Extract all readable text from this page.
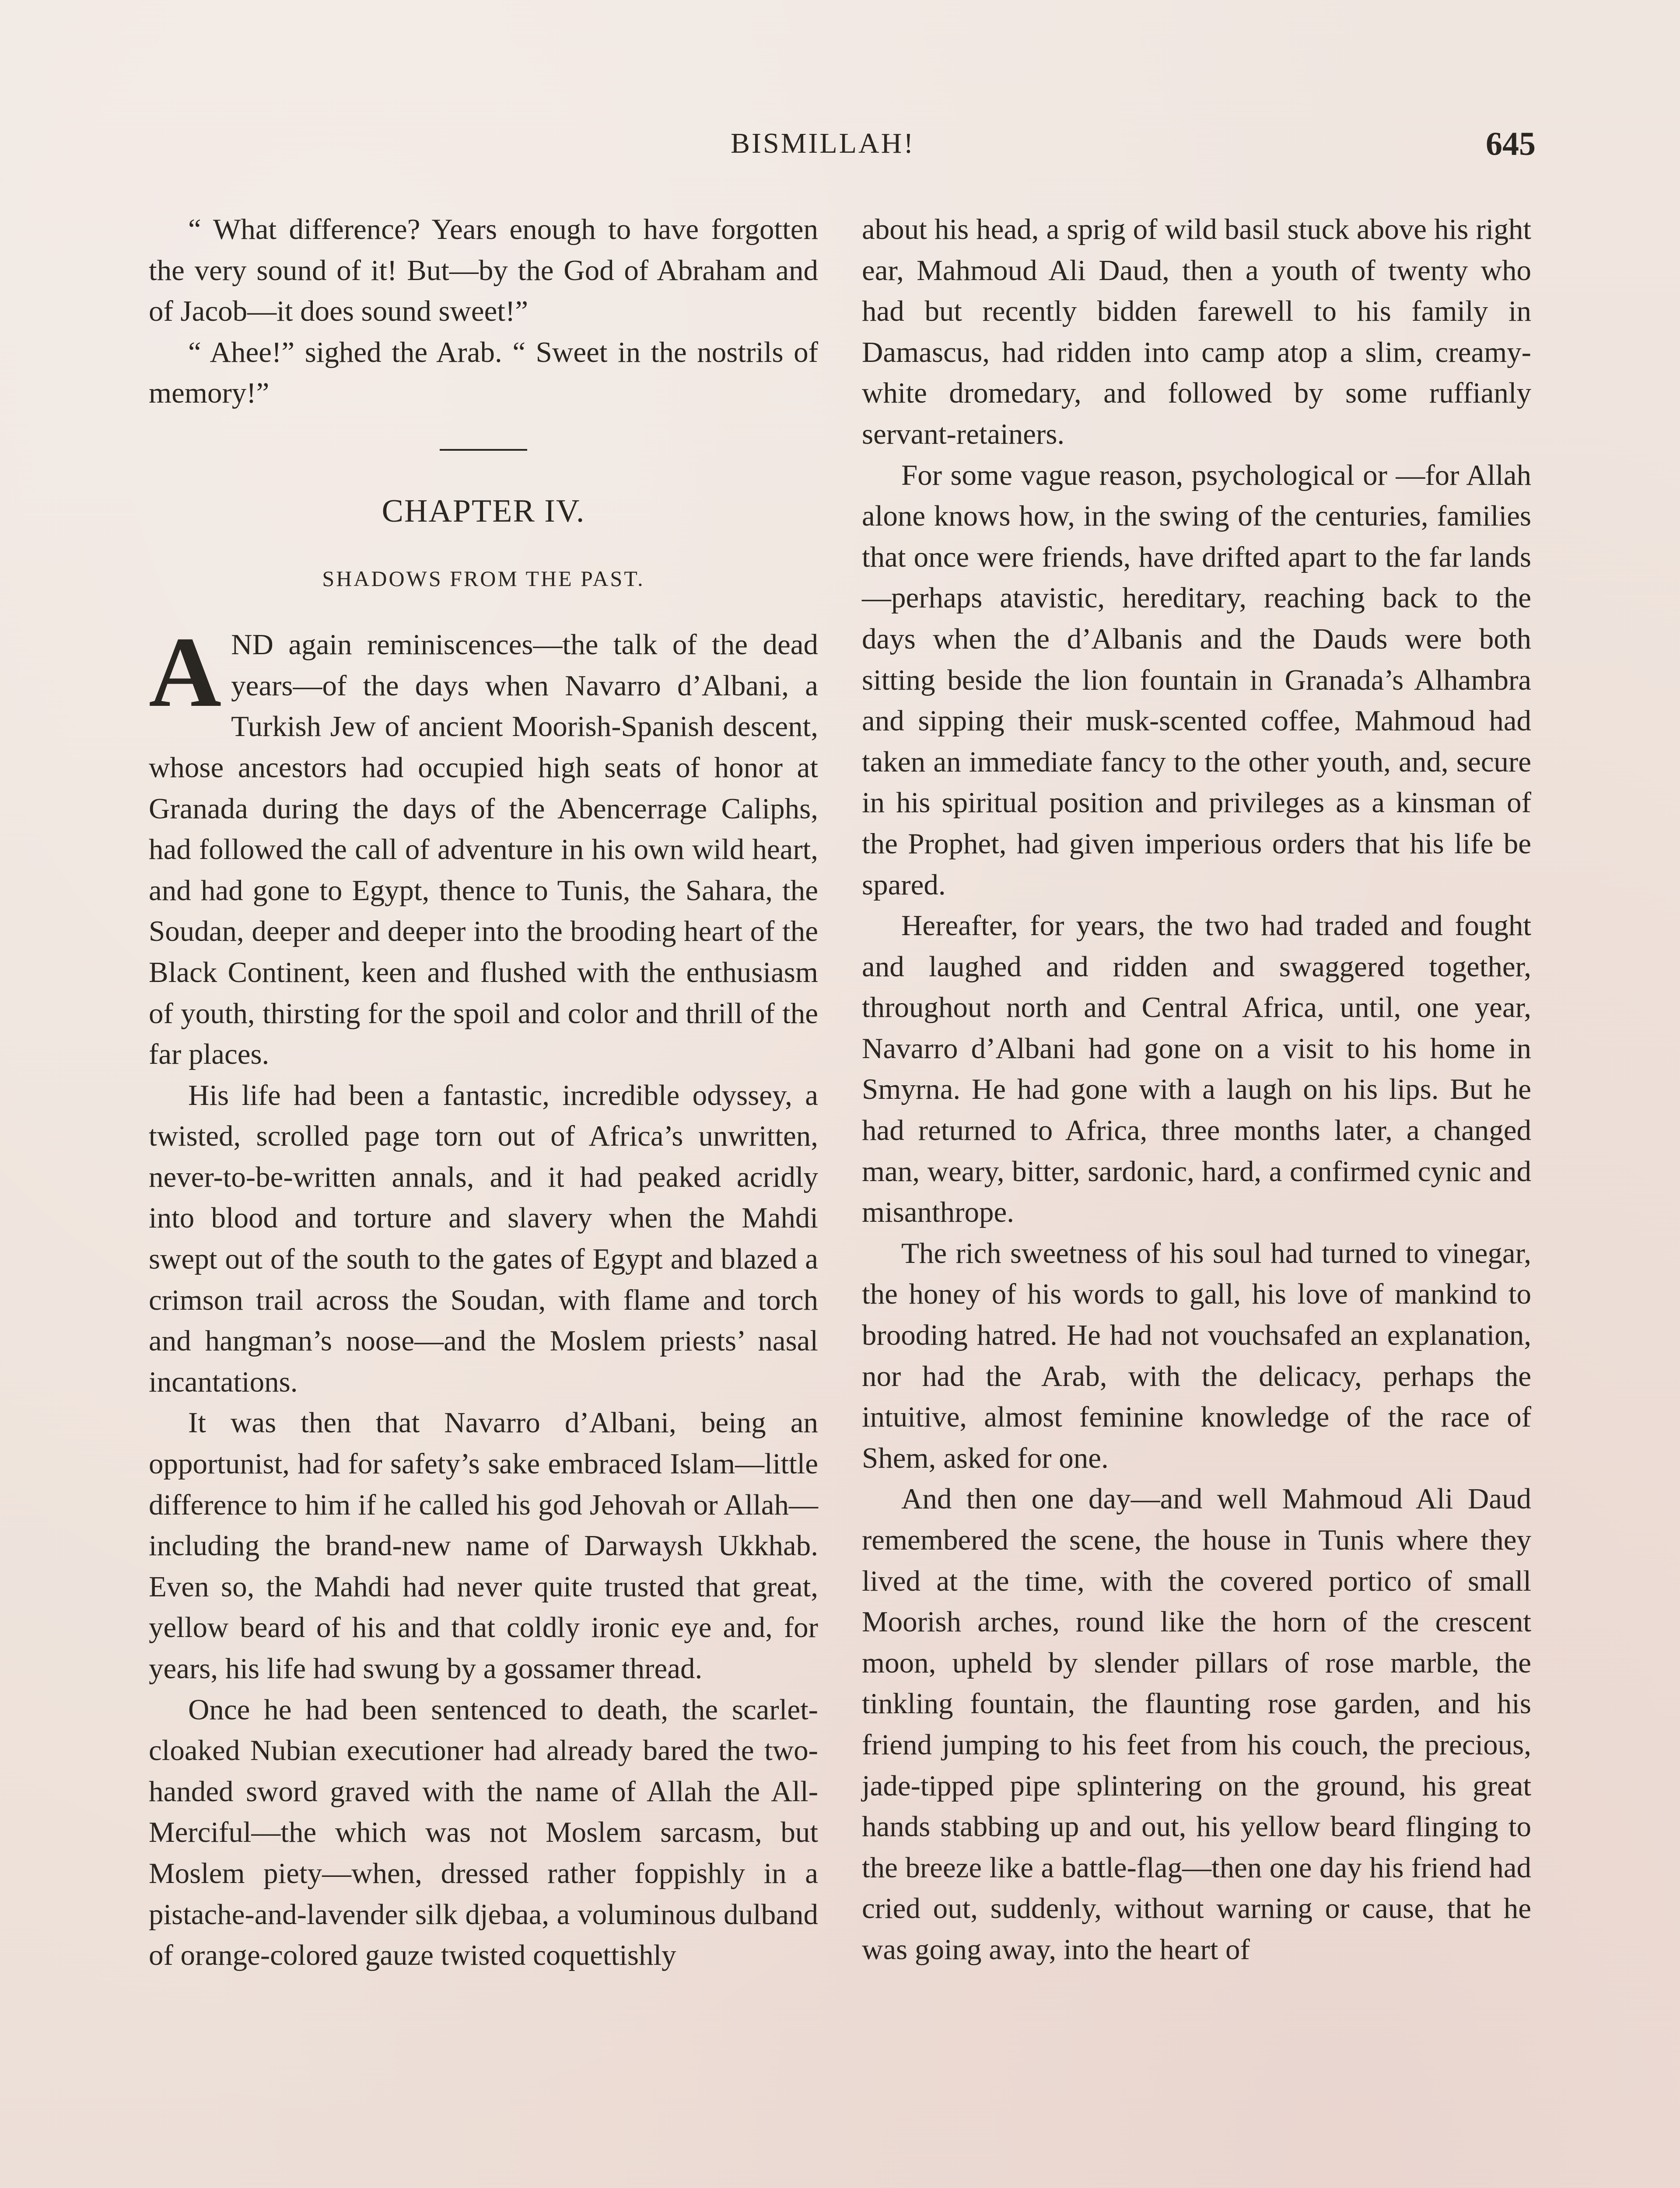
BISMILLAH!	645

“ What difference? Years enough to have forgotten the very sound of it! But—by the God of Abraham and of Jacob—it does sound sweet!”

“ Ahee!” sighed the Arab. “ Sweet in the nostrils of memory!”

CHAPTER IV.
SHADOWS FROM THE PAST.

AND again reminiscences—the talk of the dead years—of the days when Navarro d’Albani, a Turkish Jew of ancient Moorish-Spanish descent, whose ancestors had occupied high seats of honor at Granada during the days of the Abencerrage Caliphs, had followed the call of adventure in his own wild heart, and had gone to Egypt, thence to Tunis, the Sahara, the Soudan, deeper and deeper into the brooding heart of the Black Continent, keen and flushed with the enthusiasm of youth, thirsting for the spoil and color and thrill of the far places.

His life had been a fantastic, incredible odyssey, a twisted, scrolled page torn out of Africa’s unwritten, never-to-be-written annals, and it had peaked acridly into blood and torture and slavery when the Mahdi swept out of the south to the gates of Egypt and blazed a crimson trail across the Soudan, with flame and torch and hangman’s noose—and the Moslem priests’ nasal incantations.

It was then that Navarro d’Albani, being an opportunist, had for safety’s sake embraced Islam—little difference to him if he called his god Jehovah or Allah—including the brand-new name of Darwaysh Ukkhab. Even so, the Mahdi had never quite trusted that great, yellow beard of his and that coldly ironic eye and, for years, his life had swung by a gossamer thread.

Once he had been sentenced to death, the scarlet-cloaked Nubian executioner had already bared the two-handed sword graved with the name of Allah the All-Merciful—the which was not Moslem sarcasm, but Moslem piety—when, dressed rather foppishly in a pistache-and-lavender silk djebaa, a voluminous dulband of orange-colored gauze twisted coquettishly

about his head, a sprig of wild basil stuck above his right ear, Mahmoud Ali Daud, then a youth of twenty who had but recently bidden farewell to his family in Damascus, had ridden into camp atop a slim, creamy-white dromedary, and followed by some ruffianly servant-retainers.

For some vague reason, psychological or —for Allah alone knows how, in the swing of the centuries, families that once were friends, have drifted apart to the far lands —perhaps atavistic, hereditary, reaching back to the days when the d’Albanis and the Dauds were both sitting beside the lion fountain in Granada’s Alhambra and sipping their musk-scented coffee, Mahmoud had taken an immediate fancy to the other youth, and, secure in his spiritual position and privileges as a kinsman of the Prophet, had given imperious orders that his life be spared.

Hereafter, for years, the two had traded and fought and laughed and ridden and swaggered together, throughout north and Central Africa, until, one year, Navarro d’Albani had gone on a visit to his home in Smyrna. He had gone with a laugh on his lips. But he had returned to Africa, three months later, a changed man, weary, bitter, sardonic, hard, a confirmed cynic and misanthrope.

The rich sweetness of his soul had turned to vinegar, the honey of his words to gall, his love of mankind to brooding hatred. He had not vouchsafed an explanation, nor had the Arab, with the delicacy, perhaps the intuitive, almost feminine knowledge of the race of Shem, asked for one.

And then one day—and well Mahmoud Ali Daud remembered the scene, the house in Tunis where they lived at the time, with the covered portico of small Moorish arches, round like the horn of the crescent moon, upheld by slender pillars of rose marble, the tinkling fountain, the flaunting rose garden, and his friend jumping to his feet from his couch, the precious, jade-tipped pipe splintering on the ground, his great hands stabbing up and out, his yellow beard flinging to the breeze like a battle-flag—then one day his friend had cried out, suddenly, without warning or cause, that he was going away, into the heart of
